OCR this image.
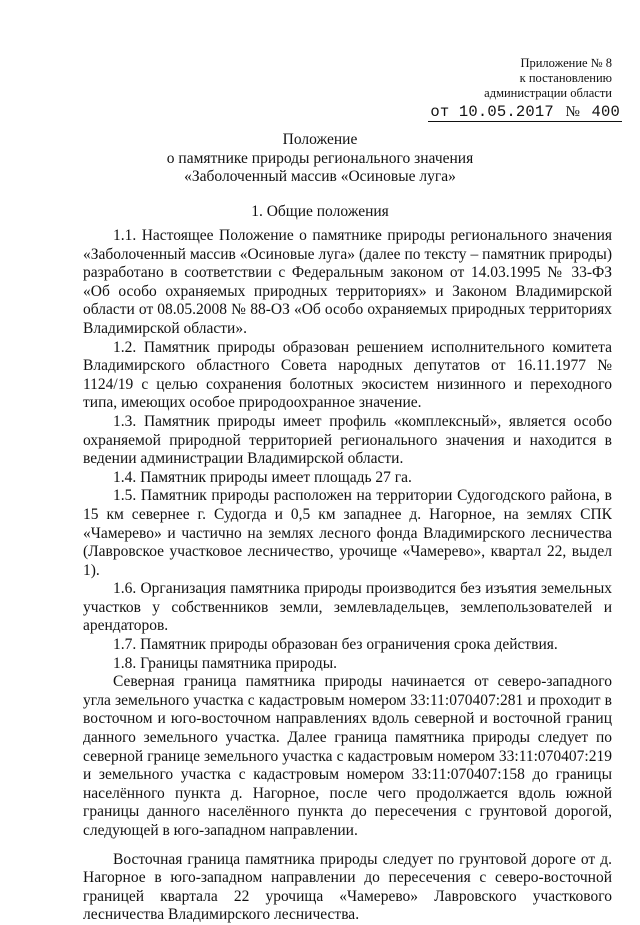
Приложение № 8
к постановлению
администрации области
от 10.05.2017 № 400
Положение
о памятнике природы регионального значения
«Заболоченный массив «Осиновые луга»
1. Общие положения

1.1. Настоящее Положение о памятнике природы регионального значения «Заболоченный массив «Осиновые луга» (далее по тексту – памятник природы) разработано в соответствии с Федеральным законом от 14.03.1995 № 33-ФЗ «Об особо охраняемых природных территориях» и Законом Владимирской области от 08.05.2008 № 88-ОЗ «Об особо охраняемых природных территориях Владимирской области».

1.2. Памятник природы образован решением исполнительного комитета Владимирского областного Совета народных депутатов от 16.11.1977 № 1124/19 с целью сохранения болотных экосистем низинного и переходного типа, имеющих особое природоохранное значение.

1.3. Памятник природы имеет профиль «комплексный», является особо охраняемой природной территорией регионального значения и находится в ведении администрации Владимирской области.

1.4. Памятник природы имеет площадь 27 га.

1.5. Памятник природы расположен на территории Судогодского района, в 15 км севернее г. Судогда и 0,5 км западнее д. Нагорное, на землях СПК «Чамерево» и частично на землях лесного фонда Владимирского лесничества (Лавровское участковое лесничество, урочище «Чамерево», квартал 22, выдел 1).

1.6. Организация памятника природы производится без изъятия земельных участков у собственников земли, землевладельцев, землепользователей и арендаторов.

1.7. Памятник природы образован без ограничения срока действия.

1.8. Границы памятника природы.

Северная граница памятника природы начинается от северо-западного угла земельного участка с кадастровым номером 33:11:070407:281 и проходит в восточном и юго-восточном направлениях вдоль северной и восточной границ данного земельного участка. Далее граница памятника природы следует по северной границе земельного участка с кадастровым номером 33:11:070407:219 и земельного участка с кадастровым номером 33:11:070407:158 до границы населённого пункта д. Нагорное, после чего продолжается вдоль южной границы данного населённого пункта до пересечения с грунтовой дорогой, следующей в юго-западном направлении.

Восточная граница памятника природы следует по грунтовой дороге от д. Нагорное в юго-западном направлении до пересечения с северо-восточной границей квартала 22 урочища «Чамерево» Лавровского участкового лесничества Владимирского лесничества.
